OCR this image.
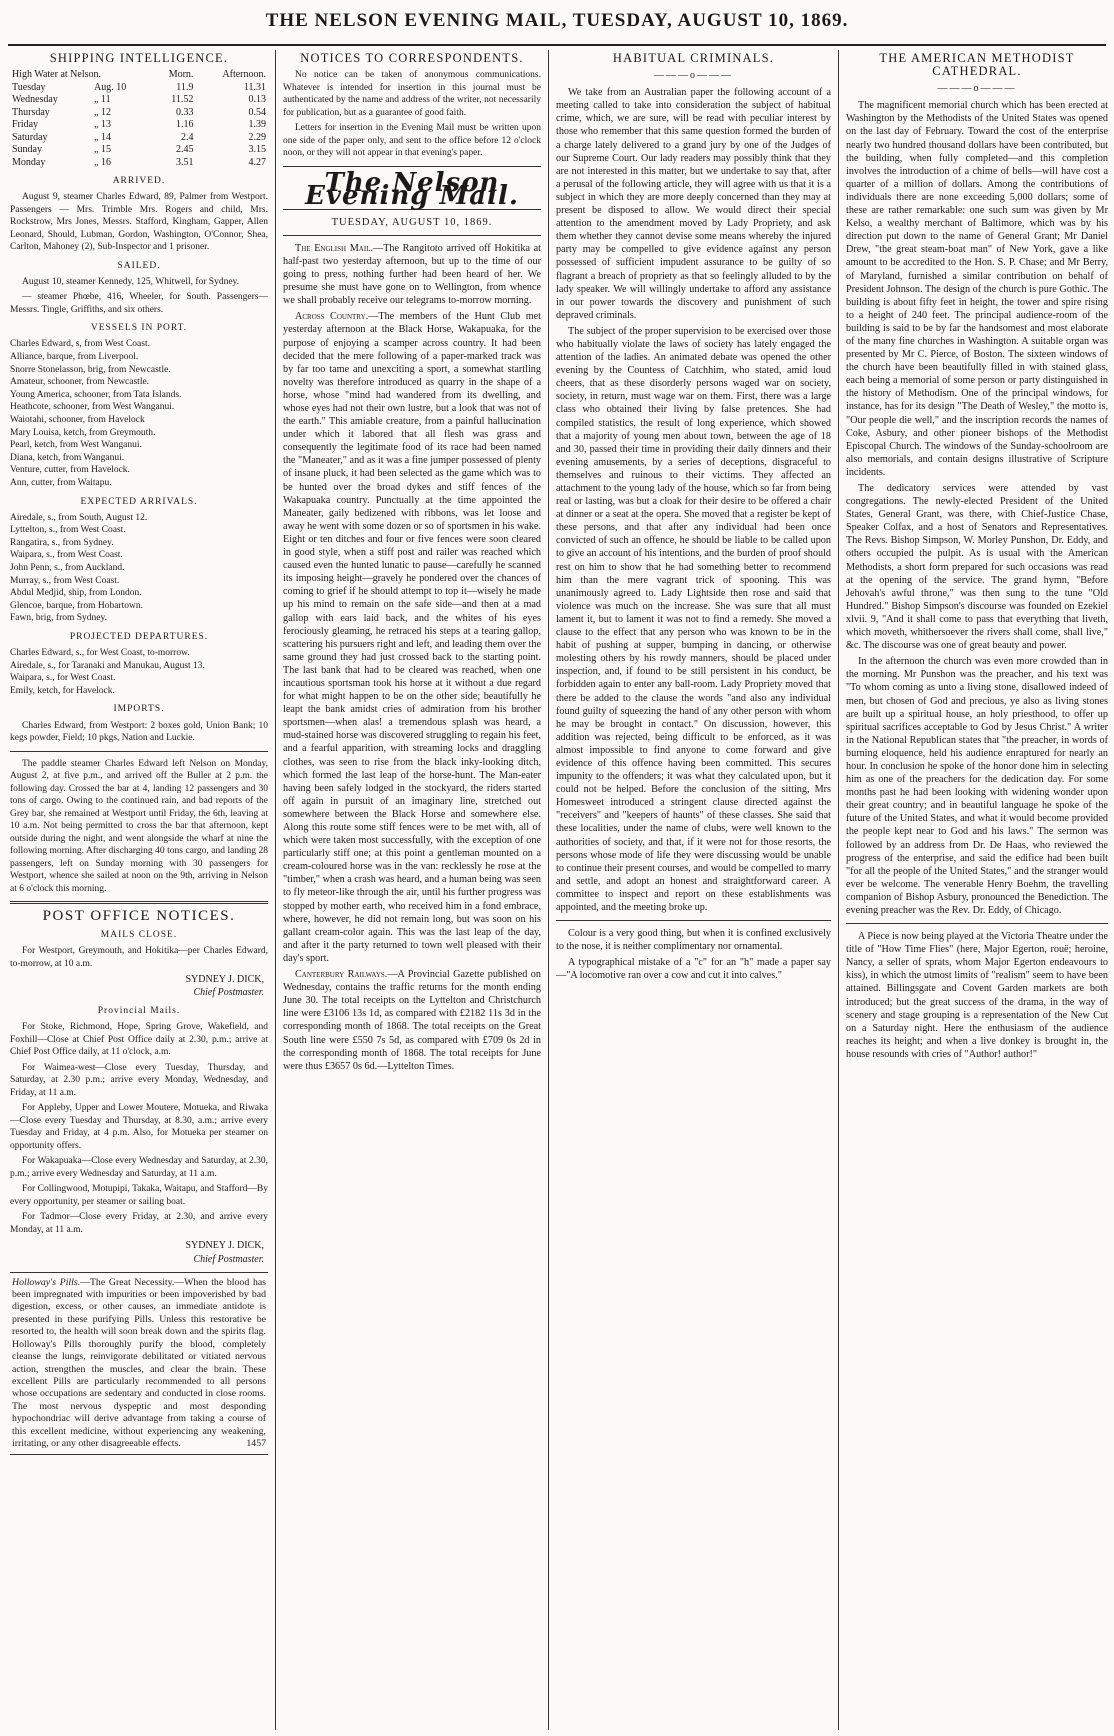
THE NELSON EVENING MAIL, TUESDAY, AUGUST 10, 1869.
SHIPPING INTELLIGENCE.
High Water at Nelson.		Morn.	Afternoon.
Tuesday	Aug. 10	11.9	11.31
Wednesday	„ 11	11.52	0.13
Thursday	„ 12	0.33	0.54
Friday	„ 13	1.16	1.39
Saturday	„ 14	2.4	2.29
Sunday	„ 15	2.45	3.15
Monday	„ 16	3.51	4.27
ARRIVED.

August 9, steamer Charles Edward, 89, Palmer from Westport. Passengers — Mrs. Trimble Mrs. Rogers and child, Mrs. Rockstrow, Mrs Jones, Messrs. Stafford, Kingham, Gapper, Allen Leonard, Should, Lubman, Gordon, Washington, O'Connor, Shea, Carlton, Mahoney (2), Sub-Inspector and 1 prisoner.

SAILED.

August 10, steamer Kennedy, 125, Whitwell, for Sydney.

— steamer Phœbe, 416, Wheeler, for South. Passengers—Messrs. Tingle, Griffiths, and six others.

VESSELS IN PORT.
Charles Edward, s, from West Coast.
Alliance, barque, from Liverpool.
Snorre Stonelasson, brig, from Newcastle.
Amateur, schooner, from Newcastle.
Young America, schooner, from Tata Islands.
Heathcote, schooner, from West Wanganui.
Waiotahi, schooner, from Havelock
Mary Louisa, ketch, from Greymouth.
Pearl, ketch, from West Wanganui.
Diana, ketch, from Wanganui.
Venture, cutter, from Havelock.
Ann, cutter, from Waitapu.
EXPECTED ARRIVALS.
Airedale, s., from South, August 12.
Lyttelton, s., from West Coast.
Rangatira, s., from Sydney.
Waipara, s., from West Coast.
John Penn, s., from Auckland.
Murray, s., from West Coast.
Abdul Medjid, ship, from London.
Glencoe, barque, from Hobartown.
Fawn, brig, from Sydney.
PROJECTED DEPARTURES.
Charles Edward, s., for West Coast, to-morrow.
Airedale, s., for Taranaki and Manukau, August 13.
Waipara, s., for West Coast.
Emily, ketch, for Havelock.
IMPORTS.

Charles Edward, from Westport: 2 boxes gold, Union Bank; 10 kegs powder, Field; 10 pkgs, Nation and Luckie.

The paddle steamer Charles Edward left Nelson on Monday, August 2, at five p.m., and arrived off the Buller at 2 p.m. the following day. Crossed the bar at 4, landing 12 passengers and 30 tons of cargo. Owing to the continued rain, and bad reports of the Grey bar, she remained at Westport until Friday, the 6th, leaving at 10 a.m. Not being permitted to cross the bar that afternoon, kept outside during the night, and went alongside the wharf at nine the following morning. After discharging 40 tons cargo, and landing 28 passengers, left on Sunday morning with 30 passengers for Westport, whence she sailed at noon on the 9th, arriving in Nelson at 6 o'clock this morning.

POST OFFICE NOTICES.
MAILS CLOSE.

For Westport, Greymouth, and Hokitika—per Charles Edward, to-morrow, at 10 a.m.

SYDNEY J. DICK,
Chief Postmaster.
Provincial Mails.

For Stoke, Richmond, Hope, Spring Grove, Wakefield, and Foxhill—Close at Chief Post Office daily at 2.30, p.m.; arrive at Chief Post Office daily, at 11 o'clock, a.m.

For Waimea-west—Close every Tuesday, Thursday, and Saturday, at 2.30 p.m.; arrive every Monday, Wednesday, and Friday, at 11 a.m.

For Appleby, Upper and Lower Moutere, Motueka, and Riwaka—Close every Tuesday and Thursday, at 8.30, a.m.; arrive every Tuesday and Friday, at 4 p.m. Also, for Motueka per steamer on opportunity offers.

For Wakapuaka—Close every Wednesday and Saturday, at 2.30, p.m.; arrive every Wednesday and Saturday, at 11 a.m.

For Collingwood, Motupipi, Takaka, Waitapu, and Stafford—By every opportunity, per steamer or sailing boat.

For Tadmor—Close every Friday, at 2.30, and arrive every Monday, at 11 a.m.

SYDNEY J. DICK,
Chief Postmaster.
Holloway's Pills.—The Great Necessity.—When the blood has been impregnated with impurities or been impoverished by bad digestion, excess, or other causes, an immediate antidote is presented in these purifying Pills. Unless this restorative be resorted to, the health will soon break down and the spirits flag. Holloway's Pills thoroughly purify the blood, completely cleanse the lungs, reinvigorate debilitated or vitiated nervous action, strengthen the muscles, and clear the brain. These excellent Pills are particularly recommended to all persons whose occupations are sedentary and conducted in close rooms. The most nervous dyspeptic and most desponding hypochondriac will derive advantage from taking a course of this excellent medicine, without experiencing any weakening, irritating, or any other disagreeable effects.	1457
NOTICES TO CORRESPONDENTS.

No notice can be taken of anonymous communications. Whatever is intended for insertion in this journal must be authenticated by the name and address of the writer, not necessarily for publication, but as a guarantee of good faith.

Letters for insertion in the Evening Mail must be written upon one side of the paper only, and sent to the office before 12 o'clock noon, or they will not appear in that evening's paper.

The Nelson Evening Mail.
TUESDAY, AUGUST 10, 1869.

The English Mail.—The Rangitoto arrived off Hokitika at half-past two yesterday afternoon, but up to the time of our going to press, nothing further had been heard of her. We presume she must have gone on to Wellington, from whence we shall probably receive our telegrams to-morrow morning.

Across Country.—The members of the Hunt Club met yesterday afternoon at the Black Horse, Wakapuaka, for the purpose of enjoying a scamper across country. It had been decided that the mere following of a paper-marked track was by far too tame and unexciting a sport, a somewhat startling novelty was therefore introduced as quarry in the shape of a horse, whose "mind had wandered from its dwelling, and whose eyes had not their own lustre, but a look that was not of the earth." This amiable creature, from a painful hallucination under which it labored that all flesh was grass and consequently the legitimate food of its race had been named the "Maneater," and as it was a fine jumper possessed of plenty of insane pluck, it had been selected as the game which was to be hunted over the broad dykes and stiff fences of the Wakapuaka country. Punctually at the time appointed the Maneater, gaily bedizened with ribbons, was let loose and away he went with some dozen or so of sportsmen in his wake. Eight or ten ditches and four or five fences were soon cleared in good style, when a stiff post and railer was reached which caused even the hunted lunatic to pause—carefully he scanned its imposing height—gravely he pondered over the chances of coming to grief if he should attempt to top it—wisely he made up his mind to remain on the safe side—and then at a mad gallop with ears laid back, and the whites of his eyes ferociously gleaming, he retraced his steps at a tearing gallop, scattering his pursuers right and left, and leading them over the same ground they had just crossed back to the starting point. The last bank that had to be cleared was reached, when one incautious sportsman took his horse at it without a due regard for what might happen to be on the other side; beautifully he leapt the bank amidst cries of admiration from his brother sportsmen—when alas! a tremendous splash was heard, a mud-stained horse was discovered struggling to regain his feet, and a fearful apparition, with streaming locks and draggling clothes, was seen to rise from the black inky-looking ditch, which formed the last leap of the horse-hunt. The Man-eater having been safely lodged in the stockyard, the riders started off again in pursuit of an imaginary line, stretched out somewhere between the Black Horse and somewhere else. Along this route some stiff fences were to be met with, all of which were taken most successfully, with the exception of one particularly stiff one; at this point a gentleman mounted on a cream-coloured horse was in the van: recklessly he rose at the "timber," when a crash was heard, and a human being was seen to fly meteor-like through the air, until his further progress was stopped by mother earth, who received him in a fond embrace, where, however, he did not remain long, but was soon on his gallant cream-color again. This was the last leap of the day, and after it the party returned to town well pleased with their day's sport.

Canterbury Railways.—A Provincial Gazette published on Wednesday, contains the traffic returns for the month ending June 30. The total receipts on the Lyttelton and Christchurch line were £3106 13s 1d, as compared with £2182 11s 3d in the corresponding month of 1868. The total receipts on the Great South line were £550 7s 5d, as compared with £709 0s 2d in the corresponding month of 1868. The total receipts for June were thus £3657 0s 6d.—Lyttelton Times.

HABITUAL CRIMINALS.
———o———

We take from an Australian paper the following account of a meeting called to take into consideration the subject of habitual crime, which, we are sure, will be read with peculiar interest by those who remember that this same question formed the burden of a charge lately delivered to a grand jury by one of the Judges of our Supreme Court. Our lady readers may possibly think that they are not interested in this matter, but we undertake to say that, after a perusal of the following article, they will agree with us that it is a subject in which they are more deeply concerned than they may at present be disposed to allow. We would direct their special attention to the amendment moved by Lady Propriety, and ask them whether they cannot devise some means whereby the injured party may be compelled to give evidence against any person possessed of sufficient impudent assurance to be guilty of so flagrant a breach of propriety as that so feelingly alluded to by the lady speaker. We will willingly undertake to afford any assistance in our power towards the discovery and punishment of such depraved criminals.

The subject of the proper supervision to be exercised over those who habitually violate the laws of society has lately engaged the attention of the ladies. An animated debate was opened the other evening by the Countess of Catchhim, who stated, amid loud cheers, that as these disorderly persons waged war on society, society, in return, must wage war on them. First, there was a large class who obtained their living by false pretences. She had compiled statistics, the result of long experience, which showed that a majority of young men about town, between the age of 18 and 30, passed their time in providing their daily dinners and their evening amusements, by a series of deceptions, disgraceful to themselves and ruinous to their victims. They affected an attachment to the young lady of the house, which so far from being real or lasting, was but a cloak for their desire to be offered a chair at dinner or a seat at the opera. She moved that a register be kept of these persons, and that after any individual had been once convicted of such an offence, he should be liable to be called upon to give an account of his intentions, and the burden of proof should rest on him to show that he had something better to recommend him than the mere vagrant trick of spooning. This was unanimously agreed to. Lady Lightside then rose and said that violence was much on the increase. She was sure that all must lament it, but to lament it was not to find a remedy. She moved a clause to the effect that any person who was known to be in the habit of pushing at supper, bumping in dancing, or otherwise molesting others by his rowdy manners, should be placed under inspection, and, if found to be still persistent in his conduct, be forbidden again to enter any ball-room. Lady Propriety moved that there be added to the clause the words "and also any individual found guilty of squeezing the hand of any other person with whom he may be brought in contact." On discussion, however, this addition was rejected, being difficult to be enforced, as it was almost impossible to find anyone to come forward and give evidence of this offence having been committed. This secures impunity to the offenders; it was what they calculated upon, but it could not be helped. Before the conclusion of the sitting, Mrs Homesweet introduced a stringent clause directed against the "receivers" and "keepers of haunts" of these classes. She said that these localities, under the name of clubs, were well known to the authorities of society, and that, if it were not for those resorts, the persons whose mode of life they were discussing would be unable to continue their present courses, and would be compelled to marry and settle, and adopt an honest and straightforward career. A committee to inspect and report on these establishments was appointed, and the meeting broke up.

Colour is a very good thing, but when it is confined exclusively to the nose, it is neither complimentary nor ornamental.

A typographical mistake of a "c" for an "h" made a paper say—"A locomotive ran over a cow and cut it into calves."

THE AMERICAN METHODIST CATHEDRAL.
———o———

The magnificent memorial church which has been erected at Washington by the Methodists of the United States was opened on the last day of February. Toward the cost of the enterprise nearly two hundred thousand dollars have been contributed, but the building, when fully completed—and this completion involves the introduction of a chime of bells—will have cost a quarter of a million of dollars. Among the contributions of individuals there are none exceeding 5,000 dollars; some of these are rather remarkable: one such sum was given by Mr Kelso, a wealthy merchant of Baltimore, which was by his direction put down to the name of General Grant; Mr Daniel Drew, "the great steam-boat man" of New York, gave a like amount to be accredited to the Hon. S. P. Chase; and Mr Berry, of Maryland, furnished a similar contribution on behalf of President Johnson. The design of the church is pure Gothic. The building is about fifty feet in height, the tower and spire rising to a height of 240 feet. The principal audience-room of the building is said to be by far the handsomest and most elaborate of the many fine churches in Washington. A suitable organ was presented by Mr C. Pierce, of Boston. The sixteen windows of the church have been beautifully filled in with stained glass, each being a memorial of some person or party distinguished in the history of Methodism. One of the principal windows, for instance, has for its design "The Death of Wesley," the motto is, "Our people die well," and the inscription records the names of Coke, Asbury, and other pioneer bishops of the Methodist Episcopal Church. The windows of the Sunday-schoolroom are also memorials, and contain designs illustrative of Scripture incidents.

The dedicatory services were attended by vast congregations. The newly-elected President of the United States, General Grant, was there, with Chief-Justice Chase, Speaker Colfax, and a host of Senators and Representatives. The Revs. Bishop Simpson, W. Morley Punshon, Dr. Eddy, and others occupied the pulpit. As is usual with the American Methodists, a short form prepared for such occasions was read at the opening of the service. The grand hymn, "Before Jehovah's awful throne," was then sung to the tune "Old Hundred." Bishop Simpson's discourse was founded on Ezekiel xlvii. 9, "And it shall come to pass that everything that liveth, which moveth, whithersoever the rivers shall come, shall live," &c. The discourse was one of great beauty and power.

In the afternoon the church was even more crowded than in the morning. Mr Punshon was the preacher, and his text was "To whom coming as unto a living stone, disallowed indeed of men, but chosen of God and precious, ye also as living stones are built up a spiritual house, an holy priesthood, to offer up spiritual sacrifices acceptable to God by Jesus Christ." A writer in the National Republican states that "the preacher, in words of burning eloquence, held his audience enraptured for nearly an hour. In conclusion he spoke of the honor done him in selecting him as one of the preachers for the dedication day. For some months past he had been looking with widening wonder upon their great country; and in beautiful language he spoke of the future of the United States, and what it would become provided the people kept near to God and his laws." The sermon was followed by an address from Dr. De Haas, who reviewed the progress of the enterprise, and said the edifice had been built "for all the people of the United States," and the stranger would ever be welcome. The venerable Henry Boehm, the travelling companion of Bishop Asbury, pronounced the Benediction. The evening preacher was the Rev. Dr. Eddy, of Chicago.

A Piece is now being played at the Victoria Theatre under the title of "How Time Flies" (here, Major Egerton, rouë; heroine, Nancy, a seller of sprats, whom Major Egerton endeavours to kiss), in which the utmost limits of "realism" seem to have been attained. Billingsgate and Covent Garden markets are both introduced; but the great success of the drama, in the way of scenery and stage grouping is a representation of the New Cut on a Saturday night. Here the enthusiasm of the audience reaches its height; and when a live donkey is brought in, the house resounds with cries of "Author! author!"
